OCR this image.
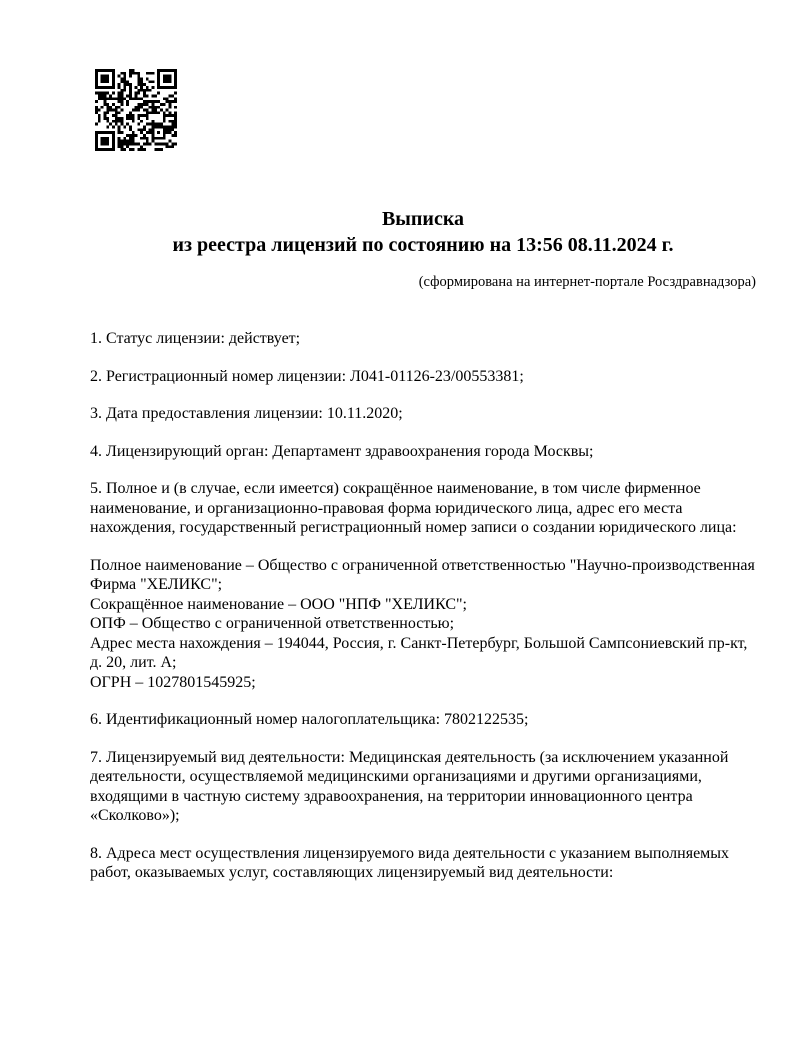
Выписка
из реестра лицензий по состоянию на 13:56 08.11.2024 г.
(сформирована на интернет-портале Росздравнадзора)

1. Статус лицензии: действует;

2. Регистрационный номер лицензии: Л041-01126-23/00553381;

3. Дата предоставления лицензии: 10.11.2020;

4. Лицензирующий орган: Департамент здравоохранения города Москвы;

5. Полное и (в случае, если имеется) сокращённое наименование, в том числе фирменное наименование, и организационно-правовая форма юридического лица, адрес его места нахождения, государственный регистрационный номер записи о создании юридического лица:

Полное наименование – Общество с ограниченной ответственностью "Научно-производственная Фирма "ХЕЛИКС";
Сокращённое наименование – ООО "НПФ "ХЕЛИКС";
ОПФ – Общество с ограниченной ответственностью;
Адрес места нахождения – 194044, Россия, г. Санкт-Петербург, Большой Сампсониевский пр-кт, д. 20, лит. А;
ОГРН – 1027801545925;

6. Идентификационный номер налогоплательщика: 7802122535;

7. Лицензируемый вид деятельности: Медицинская деятельность (за исключением указанной деятельности, осуществляемой медицинскими организациями и другими организациями, входящими в частную систему здравоохранения, на территории инновационного центра «Сколково»);

8. Адреса мест осуществления лицензируемого вида деятельности с указанием выполняемых работ, оказываемых услуг, составляющих лицензируемый вид деятельности:
